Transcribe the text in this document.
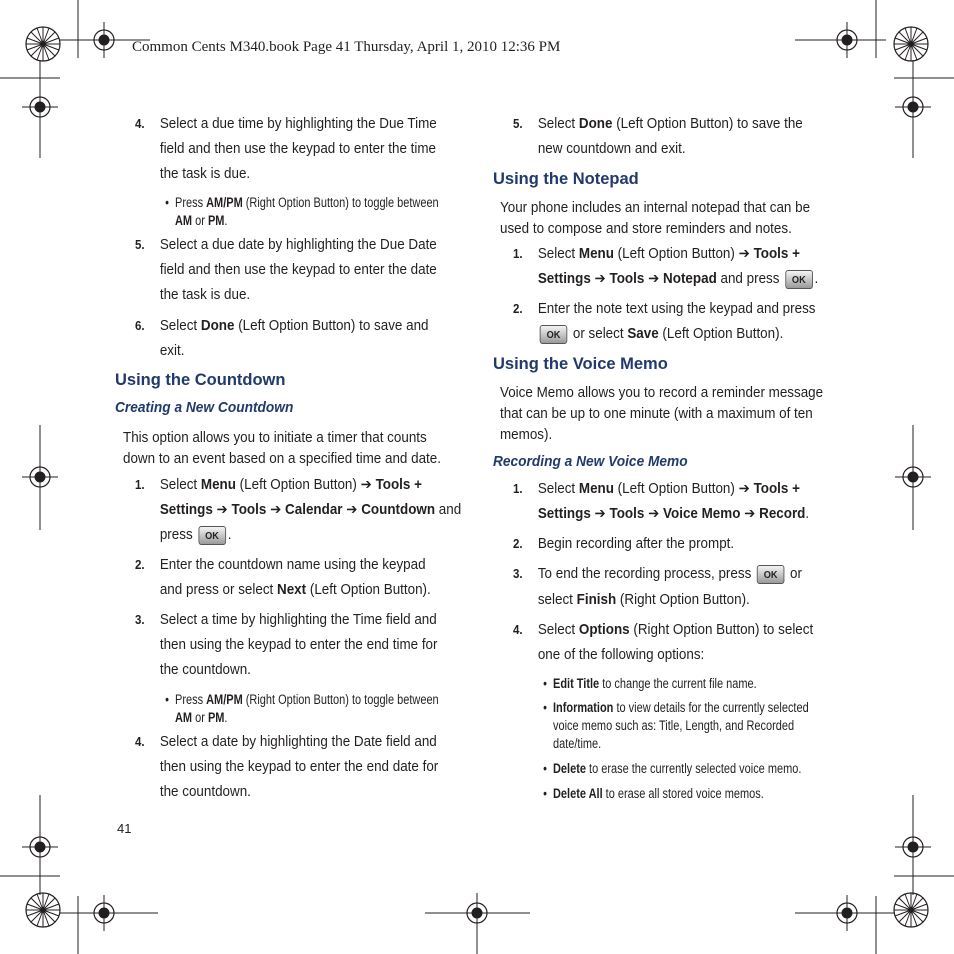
Common Cents M340.book Page 41 Thursday, April 1, 2010 12:36 PM
4. Select a due time by highlighting the Due Time
field and then use the keypad to enter the time
the task is due.
• Press AM/PM (Right Option Button) to toggle between
AM or PM.
5. Select a due date by highlighting the Due Date
field and then use the keypad to enter the date
the task is due.
6. Select Done (Left Option Button) to save and
exit.
Using the Countdown
Creating a New Countdown
This option allows you to initiate a timer that counts
down to an event based on a specified time and date.
1. Select Menu (Left Option Button) ➔ Tools +
Settings ➔ Tools ➔ Calendar ➔ Countdown and
press OK .
2. Enter the countdown name using the keypad
and press or select Next (Left Option Button).
3. Select a time by highlighting the Time field and
then using the keypad to enter the end time for
the countdown.
• Press AM/PM (Right Option Button) to toggle between
AM or PM.
4. Select a date by highlighting the Date field and
then using the keypad to enter the end date for
the countdown.
41
5. Select Done (Left Option Button) to save the
new countdown and exit.
Using the Notepad
Your phone includes an internal notepad that can be
used to compose and store reminders and notes.
1. Select Menu (Left Option Button) ➔ Tools +
Settings ➔ Tools ➔ Notepad and press OK .
2. Enter the note text using the keypad and press
OK or select Save (Left Option Button).
Using the Voice Memo
Voice Memo allows you to record a reminder message
that can be up to one minute (with a maximum of ten
memos).
Recording a New Voice Memo
1. Select Menu (Left Option Button) ➔ Tools +
Settings ➔ Tools ➔ Voice Memo ➔ Record.
2. Begin recording after the prompt.
3. To end the recording process, press OK or
select Finish (Right Option Button).
4. Select Options (Right Option Button) to select
one of the following options:
• Edit Title to change the current file name.
• Information to view details for the currently selected
voice memo such as: Title, Length, and Recorded
date/time.
• Delete to erase the currently selected voice memo.
• Delete All to erase all stored voice memos.
